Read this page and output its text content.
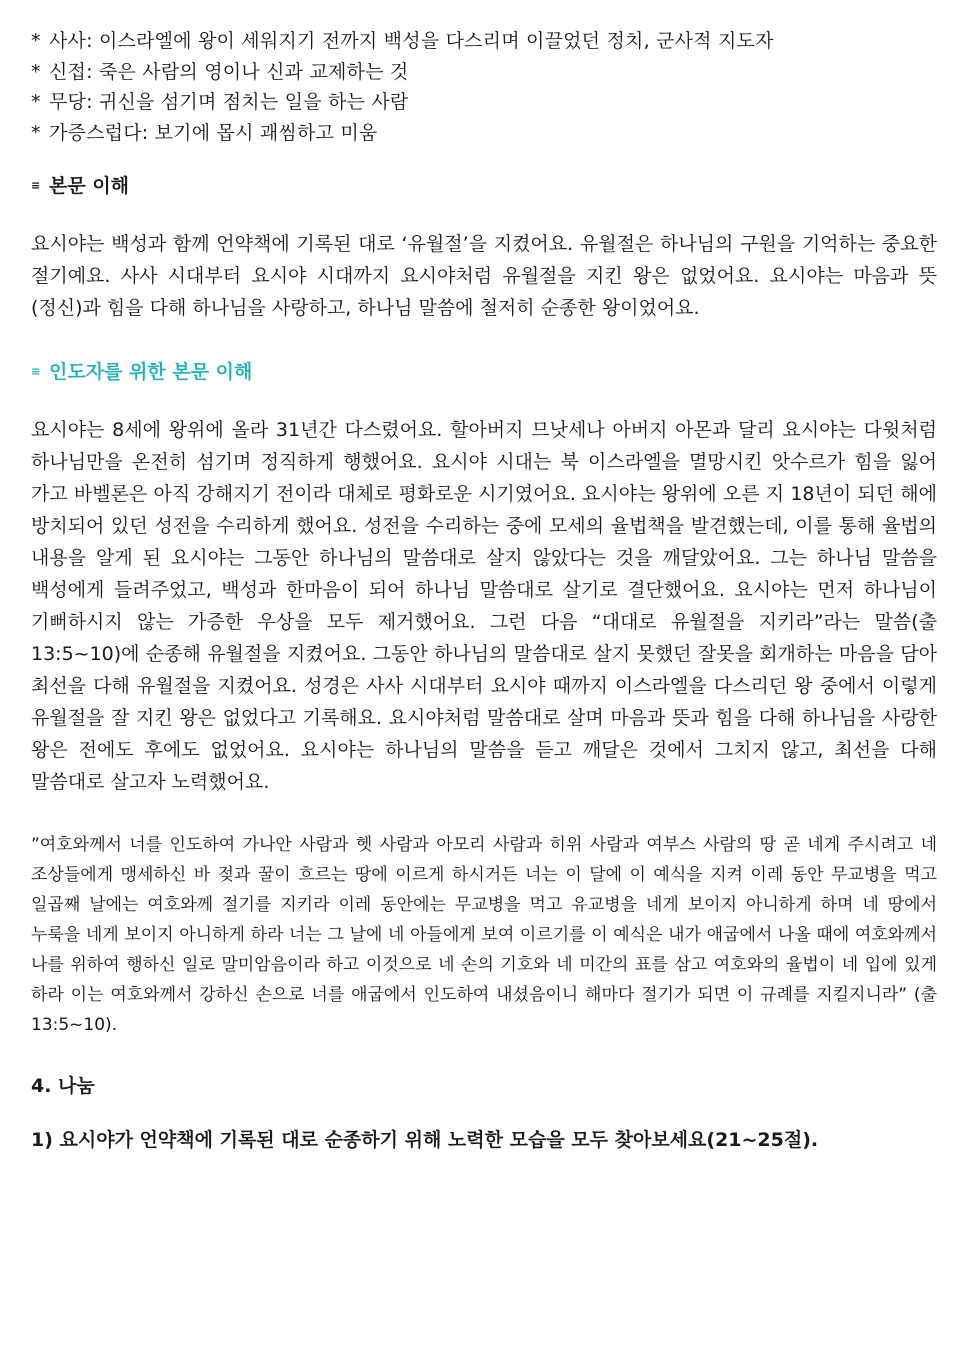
* 사사: 이스라엘에 왕이 세워지기 전까지 백성을 다스리며 이끌었던 정치, 군사적 지도자
* 신접: 죽은 사람의 영이나 신과 교제하는 것
* 무당: 귀신을 섬기며 점치는 일을 하는 사람
* 가증스럽다: 보기에 몹시 괘씸하고 미움
≡ 본문 이해

요시야는 백성과 함께 언약책에 기록된 대로 ‘유월절’을 지켰어요. 유월절은 하나님의 구원을 기억하는 중요한 절기예요. 사사 시대부터 요시야 시대까지 요시야처럼 유월절을 지킨 왕은 없었어요. 요시야는 마음과 뜻(정신)과 힘을 다해 하나님을 사랑하고, 하나님 말씀에 철저히 순종한 왕이었어요.

≡ 인도자를 위한 본문 이해

요시야는 8세에 왕위에 올라 31년간 다스렸어요. 할아버지 므낫세나 아버지 아몬과 달리 요시야는 다윗처럼 하나님만을 온전히 섬기며 정직하게 행했어요. 요시야 시대는 북 이스라엘을 멸망시킨 앗수르가 힘을 잃어 가고 바벨론은 아직 강해지기 전이라 대체로 평화로운 시기였어요. 요시야는 왕위에 오른 지 18년이 되던 해에 방치되어 있던 성전을 수리하게 했어요. 성전을 수리하는 중에 모세의 율법책을 발견했는데, 이를 통해 율법의 내용을 알게 된 요시야는 그동안 하나님의 말씀대로 살지 않았다는 것을 깨달았어요. 그는 하나님 말씀을 백성에게 들려주었고, 백성과 한마음이 되어 하나님 말씀대로 살기로 결단했어요. 요시야는 먼저 하나님이 기뻐하시지 않는 가증한 우상을 모두 제거했어요. 그런 다음 “대대로 유월절을 지키라”라는 말씀(출 13:5~10)에 순종해 유월절을 지켰어요. 그동안 하나님의 말씀대로 살지 못했던 잘못을 회개하는 마음을 담아 최선을 다해 유월절을 지켰어요. 성경은 사사 시대부터 요시야 때까지 이스라엘을 다스리던 왕 중에서 이렇게 유월절을 잘 지킨 왕은 없었다고 기록해요. 요시야처럼 말씀대로 살며 마음과 뜻과 힘을 다해 하나님을 사랑한 왕은 전에도 후에도 없었어요. 요시야는 하나님의 말씀을 듣고 깨달은 것에서 그치지 않고, 최선을 다해 말씀대로 살고자 노력했어요.

”여호와께서 너를 인도하여 가나안 사람과 헷 사람과 아모리 사람과 히위 사람과 여부스 사람의 땅 곧 네게 주시려고 네 조상들에게 맹세하신 바 젖과 꿀이 흐르는 땅에 이르게 하시거든 너는 이 달에 이 예식을 지켜 이레 동안 무교병을 먹고 일곱째 날에는 여호와께 절기를 지키라 이레 동안에는 무교병을 먹고 유교병을 네게 보이지 아니하게 하며 네 땅에서 누룩을 네게 보이지 아니하게 하라 너는 그 날에 네 아들에게 보여 이르기를 이 예식은 내가 애굽에서 나올 때에 여호와께서 나를 위하여 행하신 일로 말미암음이라 하고 이것으로 네 손의 기호와 네 미간의 표를 삼고 여호와의 율법이 네 입에 있게 하라 이는 여호와께서 강하신 손으로 너를 애굽에서 인도하여 내셨음이니 해마다 절기가 되면 이 규례를 지킬지니라” (출 13:5~10).

4. 나눔

1) 요시야가 언약책에 기록된 대로 순종하기 위해 노력한 모습을 모두 찾아보세요(21~25절).
